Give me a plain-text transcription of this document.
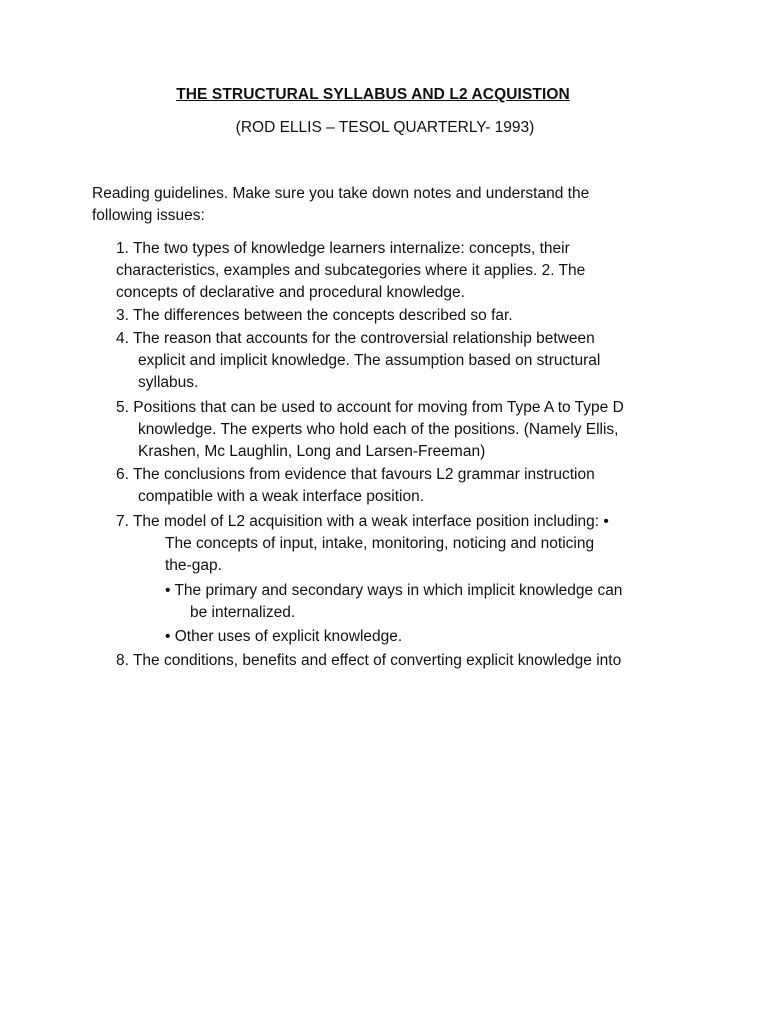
THE STRUCTURAL SYLLABUS AND L2 ACQUISTION
(ROD ELLIS – TESOL QUARTERLY- 1993)
Reading guidelines. Make sure you take down notes and understand the following issues:
1. The two types of knowledge learners internalize: concepts, their
characteristics, examples and subcategories where it applies. 2. The
concepts of declarative and procedural knowledge.
3. The differences between the concepts described so far.
4. The reason that accounts for the controversial relationship between
explicit and implicit knowledge. The assumption based on structural
syllabus.
5. Positions that can be used to account for moving from Type A to Type D
knowledge. The experts who hold each of the positions. (Namely Ellis,
Krashen, Mc Laughlin, Long and Larsen-Freeman)
6. The conclusions from evidence that favours L2 grammar instruction
compatible with a weak interface position.
7. The model of L2 acquisition with a weak interface position including: •
The concepts of input, intake, monitoring, noticing and noticing
the-gap.
• The primary and secondary ways in which implicit knowledge can
be internalized.
• Other uses of explicit knowledge.
8. The conditions, benefits and effect of converting explicit knowledge into
